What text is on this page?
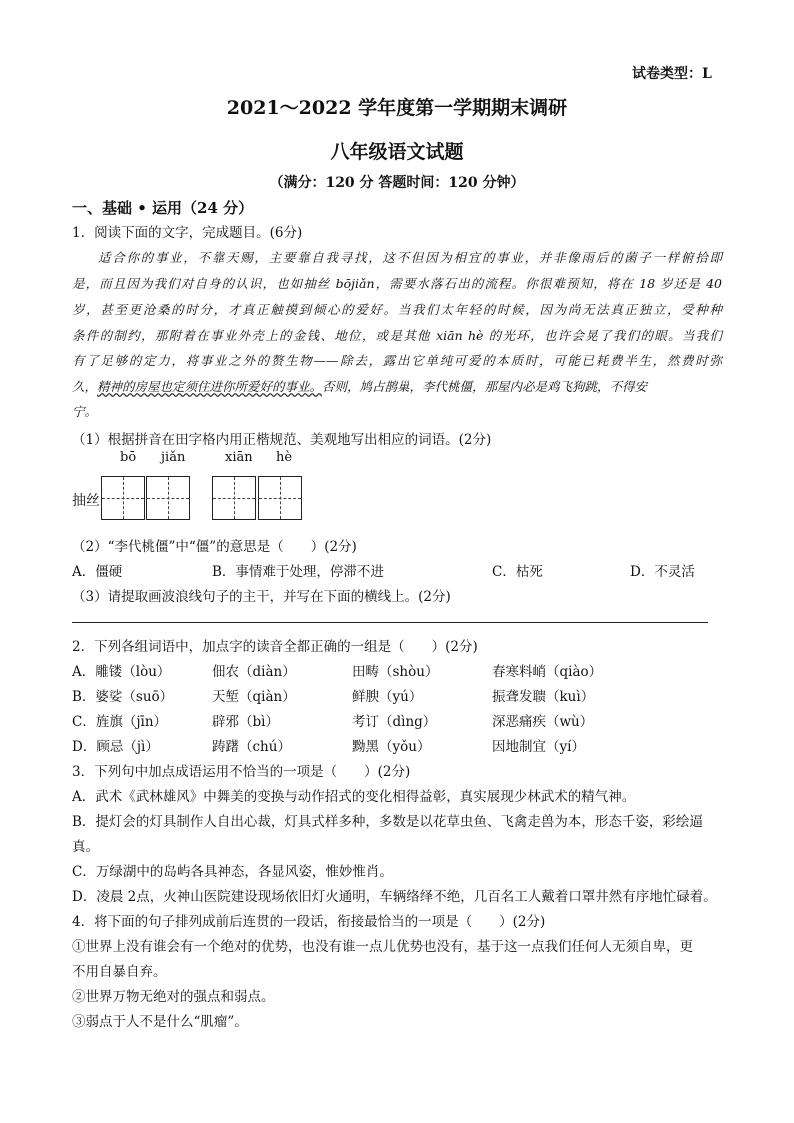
试卷类型：L
2021～2022 学年度第一学期期末调研
八年级语文试题
（满分：120 分 答题时间：120 分钟）
一、基础 • 运用（24 分）
1．阅读下面的文字，完成题目。(6分)
适合你的事业，不靠天赐，主要靠自我寻找，这不但因为相宜的事业，并非像雨后的菌子一样俯拾即
是，而且因为我们对自身的认识，也如抽丝 bōjiǎn，需要水落石出的流程。你很难预知，将在 18 岁还是 40
岁，甚至更沧桑的时分，才真正触摸到倾心的爱好。当我们太年轻的时候，因为尚无法真正独立，受种种
条件的制约，那附着在事业外壳上的金钱、地位，或是其他 xiān hè 的光环，也许会晃了我们的眼。当我们
有了足够的定力，将事业之外的赘生物——除去，露出它单纯可爱的本质时，可能已耗费半生，然费时弥
久，精神的房屋也定须住进你所爱好的事业。否则，鸠占鹊巢，李代桃僵，那屋内必是鸡飞狗跳，不得安
宁。
（1）根据拼音在田字格内用正楷规范、美观地写出相应的词语。(2分)
bō jiǎn	xiān hè
抽丝
（2）“李代桃僵”中“僵”的意思是（　　）(2分)
A．僵硬	B．事情难于处理，停滞不进	C．枯死	D．不灵活
（3）请提取画波浪线句子的主干，并写在下面的横线上。(2分)
2．下列各组词语中，加点字的读音全都正确的一组是（　　）(2分)
A．雕镂（lòu）	佃农（diàn）	田畴（shòu）	春寒料峭（qiào）
B．婆娑（suō）	天堑（qiàn）	鲜腴（yú）	振聋发聩（kuì）
C．旌旗（jīn）	辟邪（bì）	考订（dìng）	深恶痛疾（wù）
D．顾忌（jì）	踌躇（chú）	黝黑（yǒu）	因地制宜（yí）
3．下列句中加点成语运用不恰当的一项是（　　）(2分)
A．武术《武林雄风》中舞美的变换与动作招式的变化相得益彰，真实展现少林武术的精气神。
B．提灯会的灯具制作人自出心裁，灯具式样多种，多数是以花草虫鱼、飞禽走兽为本，形态千姿，彩绘逼
真。
C．万绿湖中的岛屿各具神态，各显风姿，惟妙惟肖。
D．凌晨 2点，火神山医院建设现场依旧灯火通明，车辆络绎不绝，几百名工人戴着口罩井然有序地忙碌着。
4．将下面的句子排列成前后连贯的一段话，衔接最恰当的一项是（　　）(2分)
①世界上没有谁会有一个绝对的优势，也没有谁一点儿优势也没有，基于这一点我们任何人无须自卑，更
不用自暴自弃。
②世界万物无绝对的强点和弱点。
③弱点于人不是什么“肌瘤”。
